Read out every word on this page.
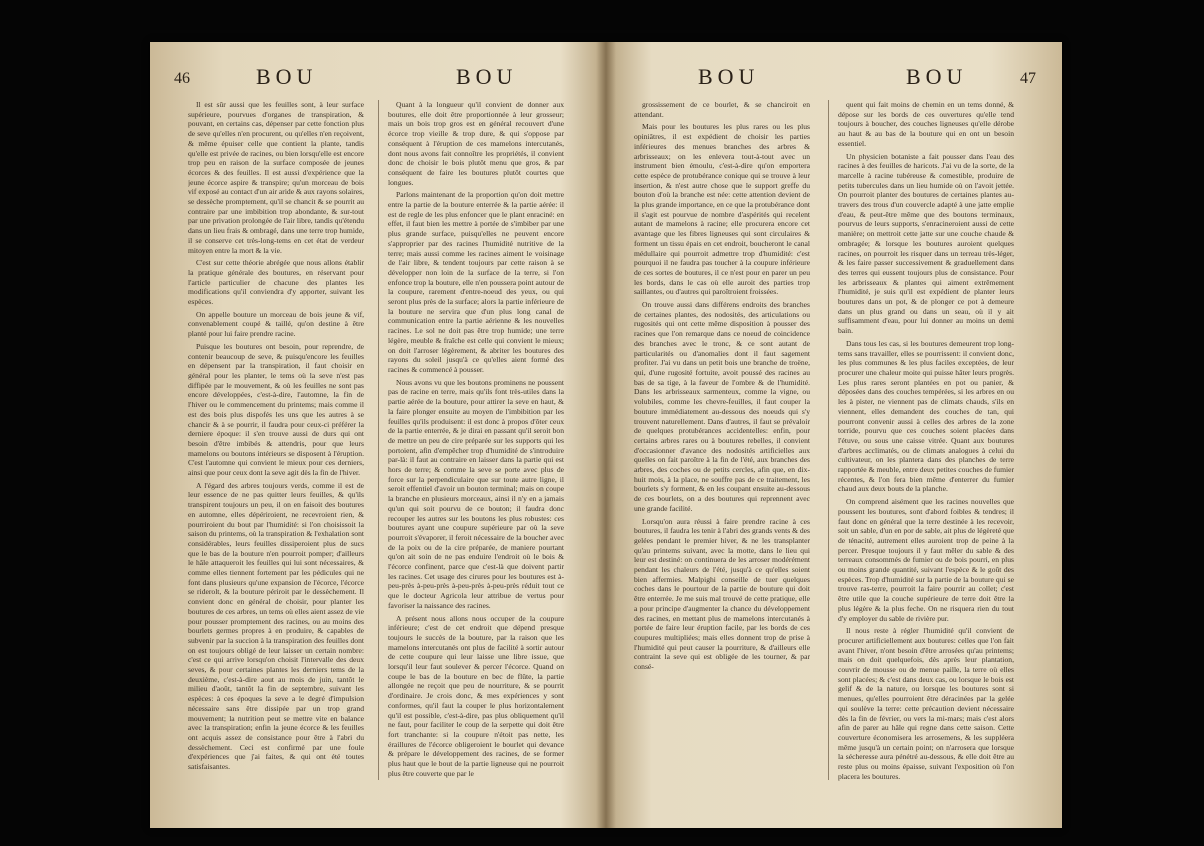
46	BOU	BOU

Il est sûr aussi que les feuilles sont, à leur surface supérieure, pourvues d'organes de transpiration, & pouvant, en certains cas, dépenser par cette fonction plus de seve qu'elles n'en procurent, ou qu'elles n'en reçoivent, & même épuiser celle que contient la plante, tandis qu'elle est privée de racines, ou bien lorsqu'elle est encore trop peu en raison de la surface composée de jeunes écorces & des feuilles. Il est aussi d'expérience que la jeune écorce aspire & transpire; qu'un morceau de bois vif exposé au contact d'un air aride & aux rayons solaires, se dessèche promptement, qu'il se chancit & se pourrit au contraire par une imbibition trop abondante, & sur-tout par une privation prolongée de l'air libre, tandis qu'étendu dans un lieu frais & ombragé, dans une terre trop humide, il se conserve cet très-long-tems en cet état de verdeur mitoyen entre la mort & la vie.

C'est sur cette théorie abrégée que nous allons établir la pratique générale des boutures, en réservant pour l'article particulier de chacune des plantes les modifications qu'il conviendra d'y apporter, suivant les espèces.

On appelle bouture un morceau de bois jeune & vif, convenablement coupé & taillé, qu'on destine à être planté pour lui faire prendre racine.

Puisque les boutures ont besoin, pour reprendre, de contenir beaucoup de seve, & puisqu'encore les feuilles en dépensent par la transpiration, il faut choisir en général pour les planter, le tems où la seve n'est pas diffipée par le mouvement, & où les feuilles ne sont pas encore développées, c'est-à-dire, l'automne, la fin de l'hiver ou le commencement du printems; mais comme il est des bois plus dispofés les uns que les autres à se chancir & à se pourrir, il faudra pour ceux-ci préférer la derniere époque: il s'en trouve aussi de durs qui ont besoin d'être imbibés & attendris, pour que leurs mamelons ou boutons intérieurs se disposent à l'éruption. C'est l'automne qui convient le mieux pour ces derniers, ainsi que pour ceux dont la seve agit dès la fin de l'hiver.

A l'égard des arbres toujours verds, comme il est de leur essence de ne pas quitter leurs feuilles, & qu'ils transpirent toujours un peu, il on en faisoit des boutures en automne, elles dépériroient, ne recevroient rien, & pourriroient du bout par l'humidité: si l'on choisissoit la saison du printems, où la transpiration & l'exhalation sont considérables, leurs feuilles dissiperoient plus de sucs que le bas de la bouture n'en pourroit pomper; d'ailleurs le hâle attaqueroit les feuilles qui lui sont nécessaires, & comme elles tiennent fortement par les pédicules qui ne font dans plusieurs qu'une expansion de l'écorce, l'écorce se riderolt, & la bouture périroit par le dessèchement. Il convient donc en général de choisir, pour planter les boutures de ces arbres, un tems où elles aient assez de vie pour pousser promptement des racines, ou au moins des bourlets germes propres à en produire, & capables de subvenir par la succion à la transpiration des feuilles dont on est toujours obligé de leur laisser un certain nombre: c'est ce qui arrive lorsqu'on choisit l'intervalle des deux seves, & pour certaines plantes les derniers tems de la deuxième, c'est-à-dire aout au mois de juin, tantôt le milieu d'août, tantôt la fin de septembre, suivant les espèces: à ces époques la seve a le degré d'impulsion nécessaire sans être dissipée par un trop grand mouvement; la nutrition peut se mettre vite en balance avec la transpiration; enfin la jeune écorce & les feuilles ont acquis assez de consistance pour être à l'abri du dessèchement. Ceci est confirmé par une foule d'expériences que j'ai faites, & qui ont été toutes satisfaisantes.

Quant à la longueur qu'il convient de donner aux boutures, elle doit être proportionnée à leur grosseur; mais un bois trop gros est en général recouvert d'une écorce trop vieille & trop dure, & qui s'oppose par conséquent à l'éruption de ces mamelons intercutanés, dont nous avons fait connoître les propriétés, il convient donc de choisir le bois plutôt menu que gros, & par conséquent de faire les boutures plutôt courtes que longues.

Parlons maintenant de la proportion qu'on doit mettre entre la partie de la bouture enterrée & la partie aérée: il est de regle de les plus enfoncer que le plant enraciné: en effet, il faut bien les mettre à portée de s'imbiber par une plus grande surface, puisqu'elles ne peuvent encore s'approprier par des racines l'humidité nutritive de la terre; mais aussi comme les racines aiment le voisinage de l'air libre, & tendent toujours par cette raison à se développer non loin de la surface de la terre, si l'on enfonce trop la bouture, elle n'en poussera point autour de la coupure, rarement d'entre-noeud des yeux, ou qui seront plus près de la surface; alors la partie inférieure de la bouture ne servira que d'un plus long canal de communication entre la partie aérienne & les nouvelles racines. Le sol ne doit pas être trop humide; une terre légère, meuble & fraîche est celle qui convient le mieux; on doit l'arroser légèrement, & abriter les boutures des rayons du soleil jusqu'à ce qu'elles aient formé des racines & commencé à pousser.

Nous avons vu que les boutons prominens ne poussent pas de racine en terre, mais qu'ils font très-utiles dans la partie aérée de la bouture, pour attirer la seve en haut, & la faire plonger ensuite au moyen de l'imbibition par les feuilles qu'ils produisent: il est donc à propos d'ôter ceux de la partie enterrée, & je dirai en passant qu'il seroit bon de mettre un peu de cire préparée sur les supports qui les portoient, afin d'empêcher trop d'humidité de s'introduire par-là: il faut au contraire en laisser dans la partie qui est hors de terre; & comme la seve se porte avec plus de force sur la perpendiculaire que sur toute autre ligne, il seroit effentiel d'avoir un bouton terminal; mais on coupe la branche en plusieurs morceaux, ainsi il n'y en a jamais qu'un qui soit pourvu de ce bouton; il faudra donc recouper les autres sur les boutons les plus robustes: ces boutures ayant une coupure supérieure par où la seve pourroit s'évaporer, il feroit nécessaire de la boucher avec de la poix ou de la cire préparée, de maniere pourtant qu'on ait soin de ne pas enduire l'endroit où le bois & l'écorce confinent, parce que c'est-là que doivent partir les racines. Cet usage des cirures pour les boutures est à-peu-près à-peu-près à-peu-près à-peu-près réduit tout ce que le docteur Agricola leur attribue de vertus pour favoriser la naissance des racines.

A présent nous allons nous occuper de la coupure inférieure; c'est de cet endroit que dépend presque toujours le succès de la bouture, par la raison que les mamelons intercutanés ont plus de facilité à sortir autour de cette coupure qui leur laisse une libre issue, que lorsqu'il leur faut soulever & percer l'écorce. Quand on coupe le bas de la bouture en bec de flûte, la partie allongée ne reçoit que peu de nourriture, & se pourrit d'ordinaire. Je crois donc, & mes expériences y sont conformes, qu'il faut la couper le plus horizontalement qu'il est possible, c'est-à-dire, pas plus obliquement qu'il ne faut, pour faciliter le coup de la serpette qui doit être fort tranchante: si la coupure n'étoit pas nette, les éraillures de l'écorce obligeroient le bourlet qui devance & prépare le développement des racines, de se former plus haut que le bout de la partie ligneuse qui ne pourroit plus être couverte que par le

BOU	BOU	47

grossissement de ce bourlet, & se chanciroit en attendant.

Mais pour les boutures les plus rares ou les plus opiniâtres, il est expédient de choisir les parties inférieures des menues branches des arbres & arbrisseaux; on les enlevera tout-à-tout avec un instrument bien émoulu, c'est-à-dire qu'on emportera cette espèce de protubérance conique qui se trouve à leur insertion, & n'est autre chose que le support greffe du bouton d'où la branche est née: cette attention devient de la plus grande importance, en ce que la protubérance dont il s'agit est pourvue de nombre d'aspérités qui recelent autant de mamelons à racine; elle procurera encore cet avantage que les fibres ligneuses qui sont circulaires & forment un tissu épais en cet endroit, boucheront le canal médullaire qui pourroit admettre trop d'humidité: c'est pourquoi il ne faudra pas toucher à la coupure inférieure de ces sortes de boutures, il ce n'est pour en parer un peu les bords, dans le cas où elle auroit des parties trop saillantes, ou d'autres qui paroîtroient froissées.

On trouve aussi dans différens endroits des branches de certaines plantes, des nodosités, des articulations ou rugosités qui ont cette même disposition à pousser des racines que l'on remarque dans ce noeud de coincidence des branches avec le tronc, & ce sont autant de particularités ou d'anomalies dont il faut sagement profiter. J'ai vu dans un petit bois une branche de troëne, qui, d'une rugosité fortuite, avoit poussé des racines au bas de sa tige, à la faveur de l'ombre & de l'humidité. Dans les arbrisseaux sarmenteux, comme la vigne, ou volubiles, comme les chevre-feuilles, il faut couper la bouture immédiatement au-dessous des noeuds qui s'y trouvent naturellement. Dans d'autres, il faut se prévaloir de quelques protubérances accidentelles: enfin, pour certains arbres rares ou à boutures rebelles, il convient d'occasionner d'avance des nodosités artificielles aux quelles on fait paroître à la fin de l'été, aux branches des arbres, des coches ou de petits cercles, afin que, en dix-huit mois, à la place, ne souffre pas de ce traitement, les bourlets s'y forment, & en les coupant ensuite au-dessous de ces bourlets, on a des boutures qui reprennent avec une grande facilité.

Lorsqu'on aura réussi à faire prendre racine à ces boutures, il faudra les tenir à l'abri des grands vents & des gelées pendant le premier hiver, & ne les transplanter qu'au printems suivant, avec la motte, dans le lieu qui leur est destiné: on continuera de les arroser modérément pendant les chaleurs de l'été, jusqu'à ce qu'elles soient bien affermies. Malpighi conseille de tuer quelques coches dans le pourtour de la partie de bouture qui doit être enterrée. Je me suis mal trouvé de cette pratique, elle a pour principe d'augmenter la chance du développement des racines, en mettant plus de mamelons intercutanés à portée de faire leur éruption facile, par les bords de ces coupures multipliées; mais elles donnent trop de prise à l'humidité qui peut causer la pourriture, & d'ailleurs elle contraint la seve qui est obligée de les tourner, & par consé-

quent qui fait moins de chemin en un tems donné, & dépose sur les bords de ces ouvertures qu'elle tend toujours à boucher, des couches ligneuses qu'elle dérobe au haut & au bas de la bouture qui en ont un besoin essentiel.

Un physicien botaniste a fait pousser dans l'eau des racines à des feuilles de haricots. J'ai vu de la sorte, de la marcelle à racine tubéreuse & comestible, produire de petits tubercules dans un lieu humide où on l'avoit jettée. On pourroit planter des boutures de certaines plantes au-travers des trous d'un couvercle adapté à une jatte emplie d'eau, & peut-être même que des boutons terminaux, pourvus de leurs supports, s'enracineroient aussi de cette manière; on mettroit cette jatte sur une couche chaude & ombragée; & lorsque les boutures auroient quelques racines, on pourroit les risquer dans un terreau très-léger, & les faire passer successivement & graduellement dans des terres qui eussent toujours plus de consistance. Pour les arbrisseaux & plantes qui aiment extrêmement l'humidité, je suis qu'il est expédient de planter leurs boutures dans un pot, & de plonger ce pot à demeure dans un plus grand ou dans un seau, où il y ait suffisamment d'eau, pour lui donner au moins un demi bain.

Dans tous les cas, si les boutures demeurent trop long-tems sans travailler, elles se pourrissent: il convient donc, les plus communes & les plus faciles exceptées, de leur procurer une chaleur moite qui puisse hâter leurs progrès. Les plus rares seront plantées en pot ou panier, & déposées dans des couches tempérées, si les arbres en ou les à pister, ne viennent pas de climats chauds, s'ils en viennent, elles demandent des couches de tan, qui pourront convenir aussi à celles des arbres de la zone torride, pourvu que ces couches soient placées dans l'étuve, ou sous une caisse vitrée. Quant aux boutures d'arbres acclimatés, ou de climats analogues à celui du cultivateur, on les plantera dans des planches de terre rapportée & meuble, entre deux petites couches de fumier récentes, & l'on fera bien même d'enterrer du fumier chaud aux deux bouts de la planche.

On comprend aisément que les racines nouvelles que poussent les boutures, sont d'abord foibles & tendres; il faut donc en général que la terre destinée à les recevoir, soit un sable, d'un en por de sable, ait plus de légèreté que de ténacité, autrement elles auroient trop de peine à la percer. Presque toujours il y faut mêler du sable & des terreaux consommés de fumier ou de bois pourri, en plus ou moins grande quantité, suivant l'espèce & le goût des espèces. Trop d'humidité sur la partie de la bouture qui se trouve ras-terre, pourroit la faire pourrir au collet; c'est être utile que la couche supérieure de terre doit être la plus légère & la plus feche. On ne risquera rien du tout d'y employer du sable de rivière pur.

Il nous reste à régler l'humidité qu'il convient de procurer artificiellement aux boutures: celles que l'on fait avant l'hiver, n'ont besoin d'être arrosées qu'au printems; mais on doit quelquefois, dès après leur plantation, couvrir de mousse ou de menue paille, la terre où elles sont placées; & c'est dans deux cas, ou lorsque le bois est gelif & de la nature, ou lorsque les boutures sont si menues, qu'elles pourroient être déracinées par la gelée qui soulève la terre: cette précaution devient nécessaire dès la fin de février, ou vers la mi-mars; mais c'est alors afin de parer au hâle qui regne dans cette saison. Cette couverture économisera les arrosemens, & les suppléera même jusqu'à un certain point; on n'arrosera que lorsque la sécheresse aura pénétré au-dessous, & elle doit être au reste plus ou moins épaisse, suivant l'exposition où l'on placera les boutures.
